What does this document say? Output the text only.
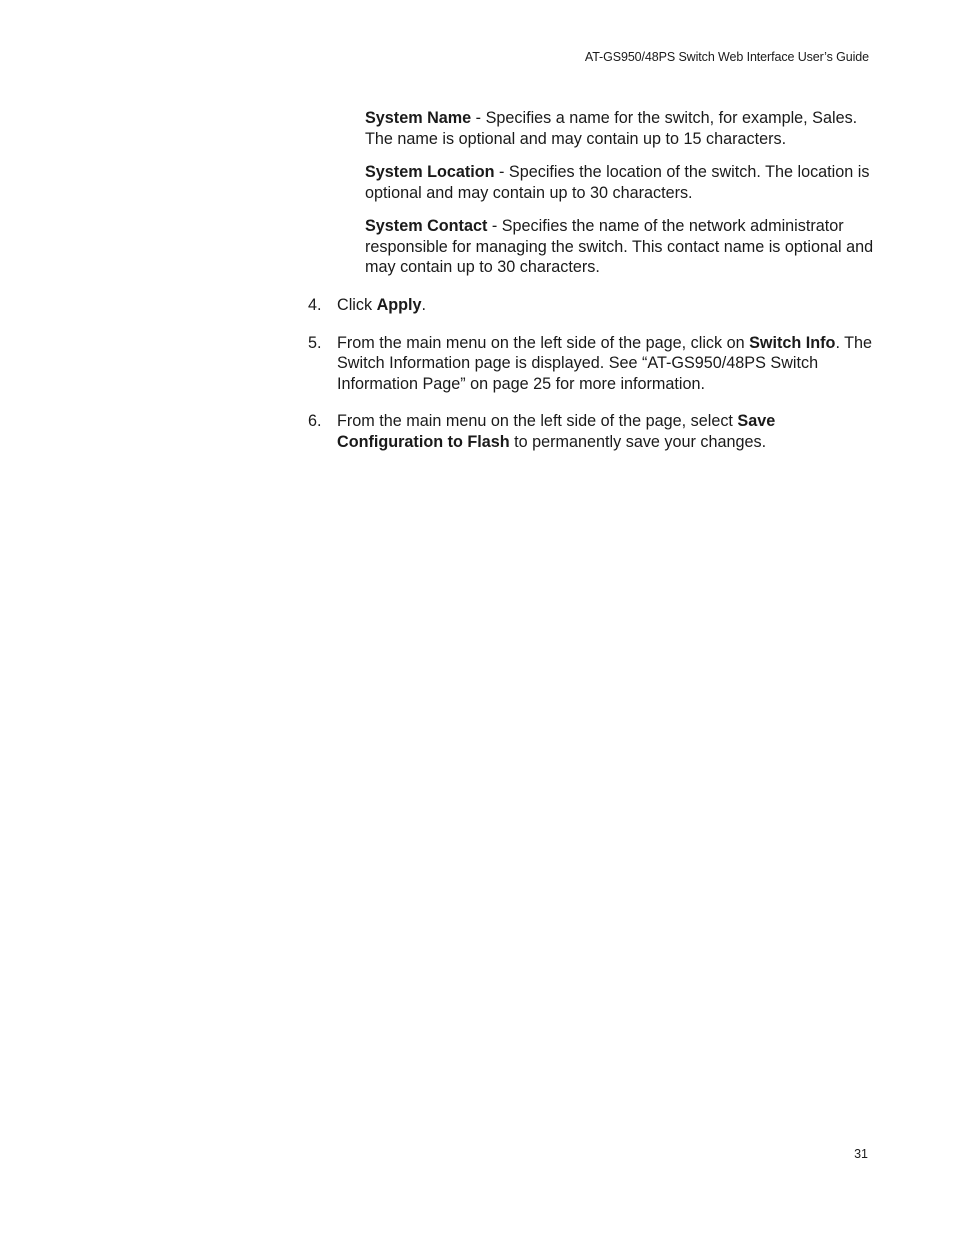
AT-GS950/48PS Switch Web Interface User’s Guide

System Name - Specifies a name for the switch, for example, Sales. The name is optional and may contain up to 15 characters.

System Location - Specifies the location of the switch. The location is optional and may contain up to 30 characters.

System Contact - Specifies the name of the network administrator responsible for managing the switch. This contact name is optional and may contain up to 30 characters.

4. Click Apply.
5. From the main menu on the left side of the page, click on Switch Info. The Switch Information page is displayed. See “AT-GS950/48PS Switch Information Page” on page 25 for more information.
6. From the main menu on the left side of the page, select Save Configuration to Flash to permanently save your changes.
31
